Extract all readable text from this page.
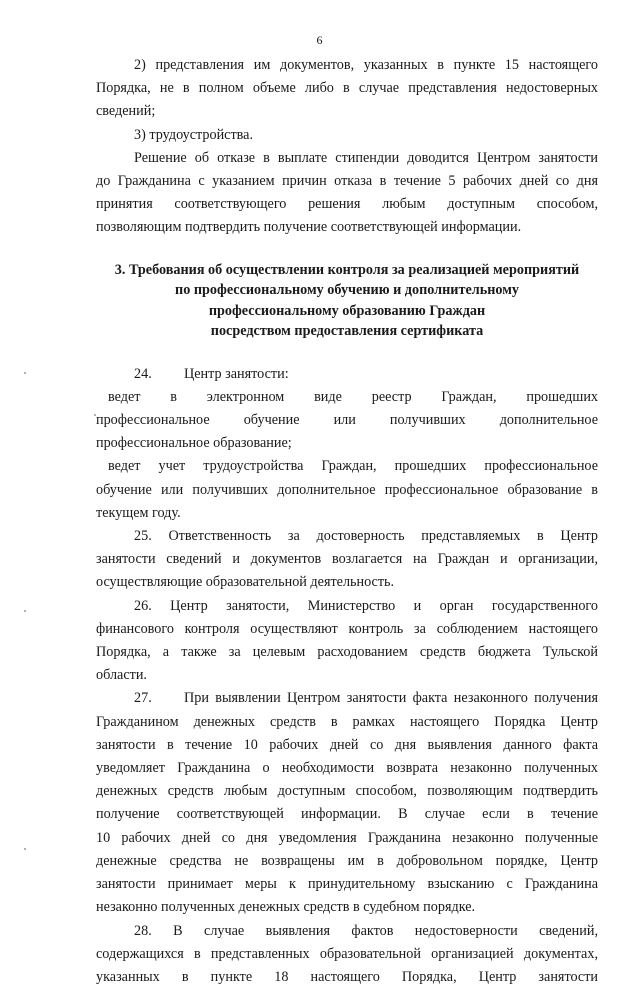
6

2) представления им документов, указанных в пункте 15 настоящего

Порядка, не в полном объеме либо в случае представления недостоверных

сведений;

3) трудоустройства.

Решение об отказе в выплате стипендии доводится Центром занятости

до Гражданина с указанием причин отказа в течение 5 рабочих дней со дня

принятия соответствующего решения любым доступным способом,

позволяющим подтвердить получение соответствующей информации.

3. Требования об осуществлении контроля за реализацией мероприятий
по профессиональному обучению и дополнительному
профессиональному образованию Граждан
посредством предоставления сертификата

24. Центр занятости:

ведет в электронном виде реестр Граждан, прошедших

профессиональное обучение или получивших дополнительное

профессиональное образование;

ведет учет трудоустройства Граждан, прошедших профессиональное

обучение или получивших дополнительное профессиональное образование в

текущем году.

25. Ответственность за достоверность представляемых в Центр

занятости сведений и документов возлагается на Граждан и организации,

осуществляющие образовательной деятельность.

26. Центр занятости, Министерство и орган государственного

финансового контроля осуществляют контроль за соблюдением настоящего

Порядка, а также за целевым расходованием средств бюджета Тульской

области.

27. При выявлении Центром занятости факта незаконного получения

Гражданином денежных средств в рамках настоящего Порядка Центр

занятости в течение 10 рабочих дней со дня выявления данного факта

уведомляет Гражданина о необходимости возврата незаконно полученных

денежных средств любым доступным способом, позволяющим подтвердить

получение соответствующей информации. В случае если в течение

10 рабочих дней со дня уведомления Гражданина незаконно полученные

денежные средства не возвращены им в добровольном порядке, Центр

занятости принимает меры к принудительному взысканию с Гражданина

незаконно полученных денежных средств в судебном порядке.

28. В случае выявления фактов недостоверности сведений,

содержащихся в представленных образовательной организацией документах,

указанных в пункте 18 настоящего Порядка, Центр занятости
